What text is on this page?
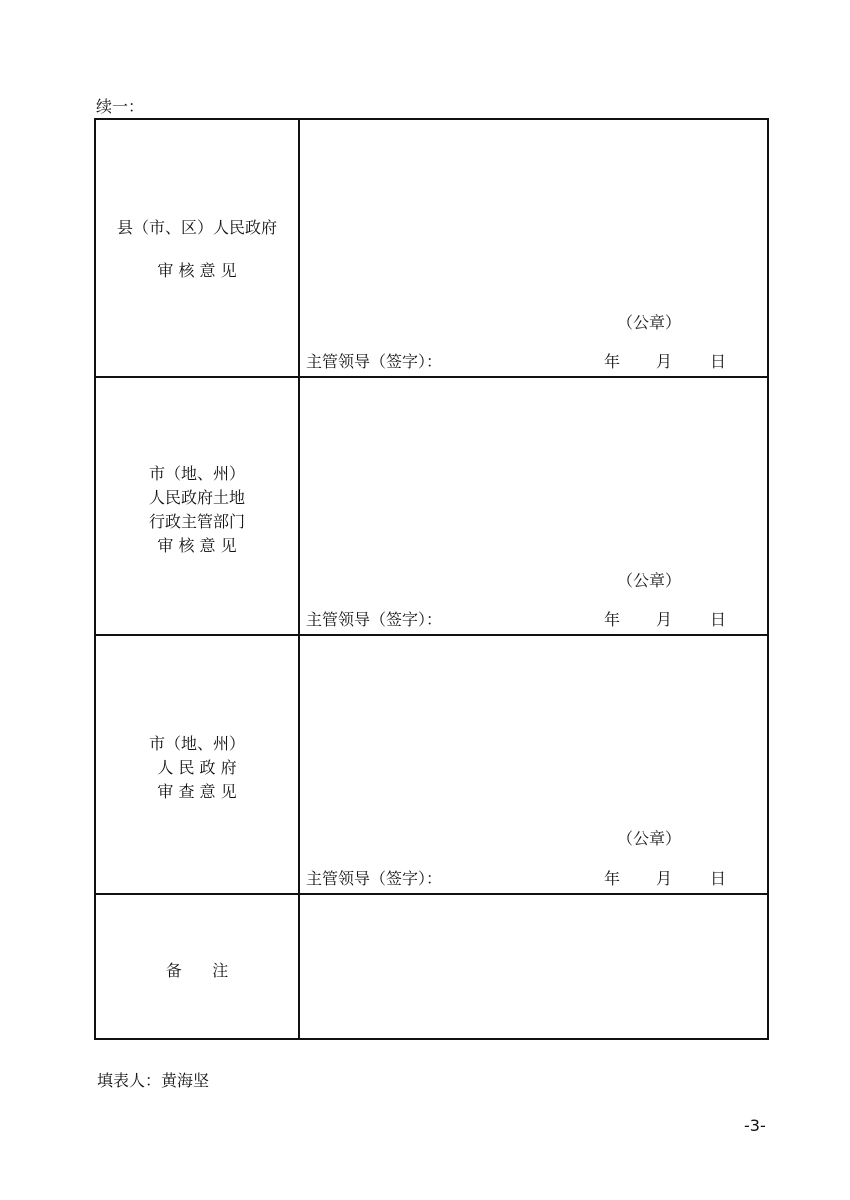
续一：
县（市、区）人民政府
审 核 意 见
（公章）
主管领导（签字）：	年 月 日
市（地、州）
人民政府土地
行政主管部门
审 核 意 见
（公章）
主管领导（签字）：	年 月 日
市（地、州）
人 民 政 府
审 查 意 见
（公章）
主管领导（签字）：	年 月 日
备      注
填表人：黄海坚
-3-
